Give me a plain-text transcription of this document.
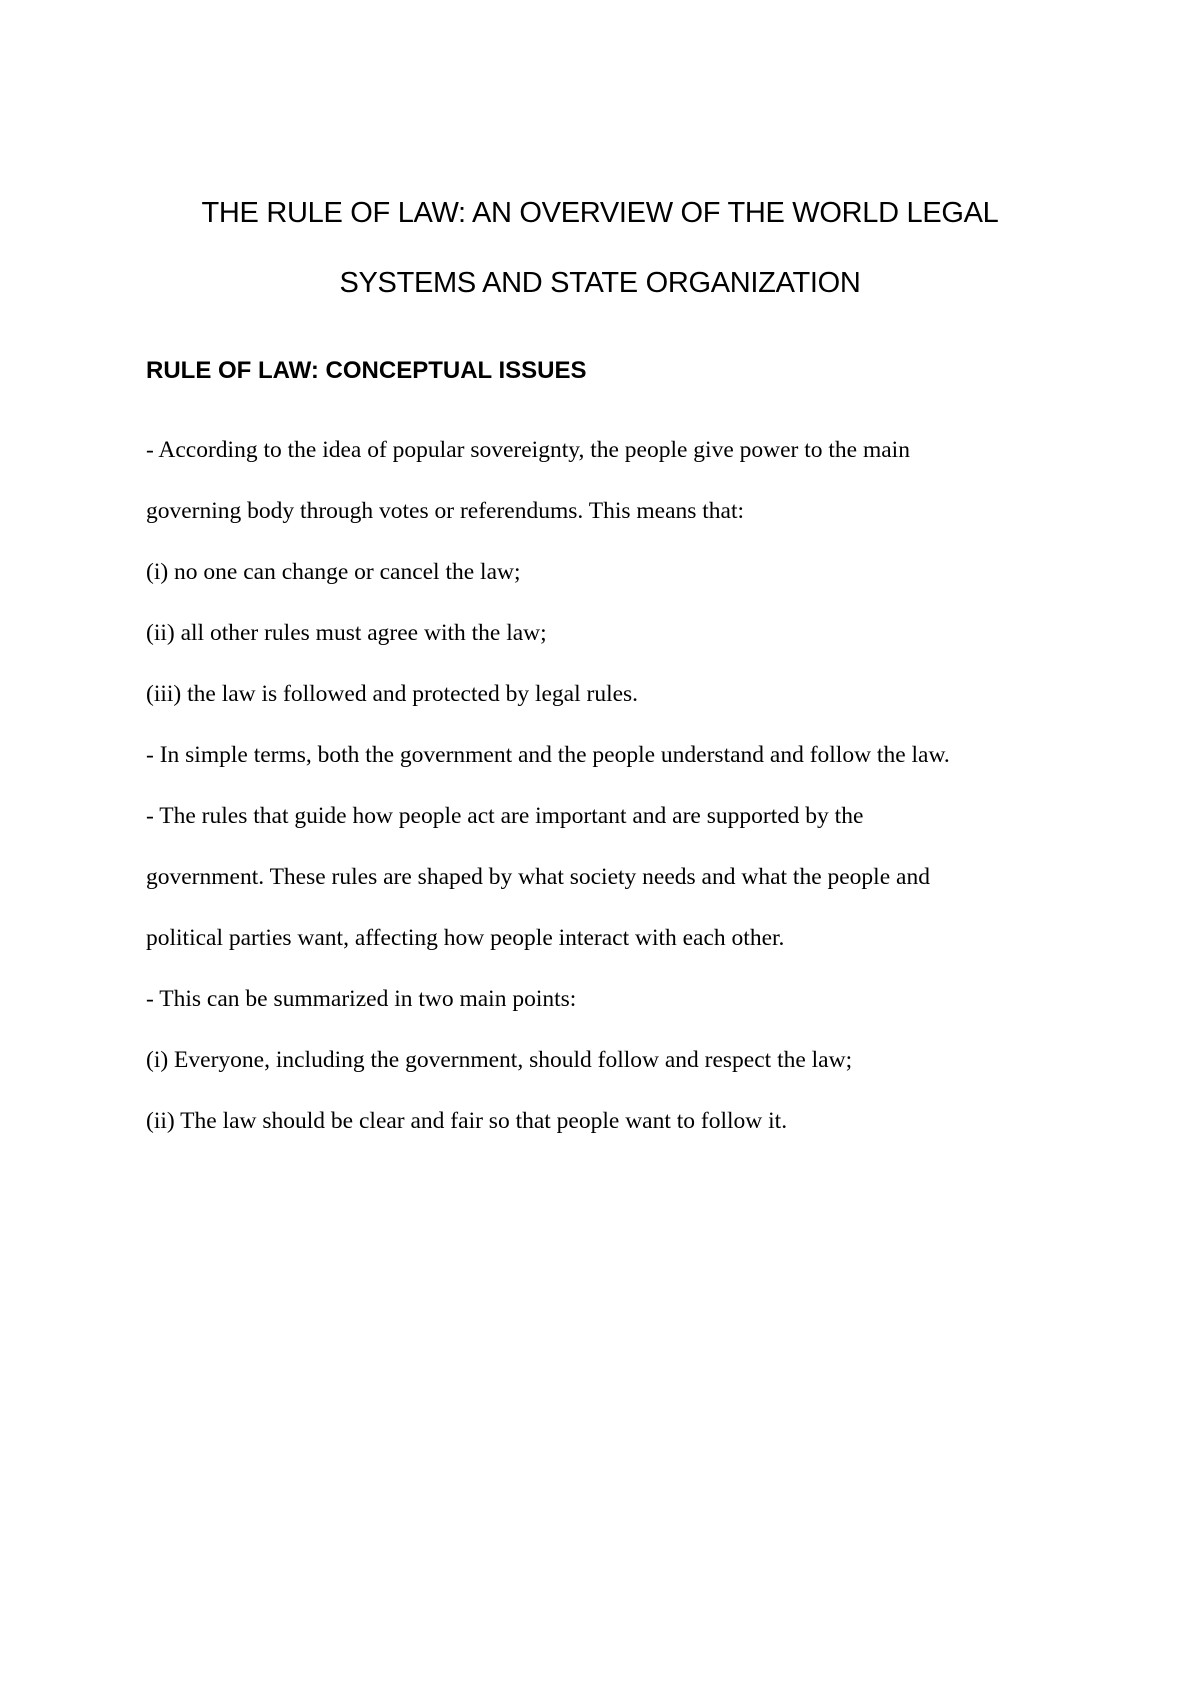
THE RULE OF LAW: AN OVERVIEW OF THE WORLD LEGAL
SYSTEMS AND STATE ORGANIZATION
RULE OF LAW: CONCEPTUAL ISSUES
- According to the idea of popular sovereignty, the people give power to the main
governing body through votes or referendums. This means that:
(i) no one can change or cancel the law;
(ii) all other rules must agree with the law;
(iii) the law is followed and protected by legal rules.
- In simple terms, both the government and the people understand and follow the law.
- The rules that guide how people act are important and are supported by the
government. These rules are shaped by what society needs and what the people and
political parties want, affecting how people interact with each other.
- This can be summarized in two main points:
(i) Everyone, including the government, should follow and respect the law;
(ii) The law should be clear and fair so that people want to follow it.
